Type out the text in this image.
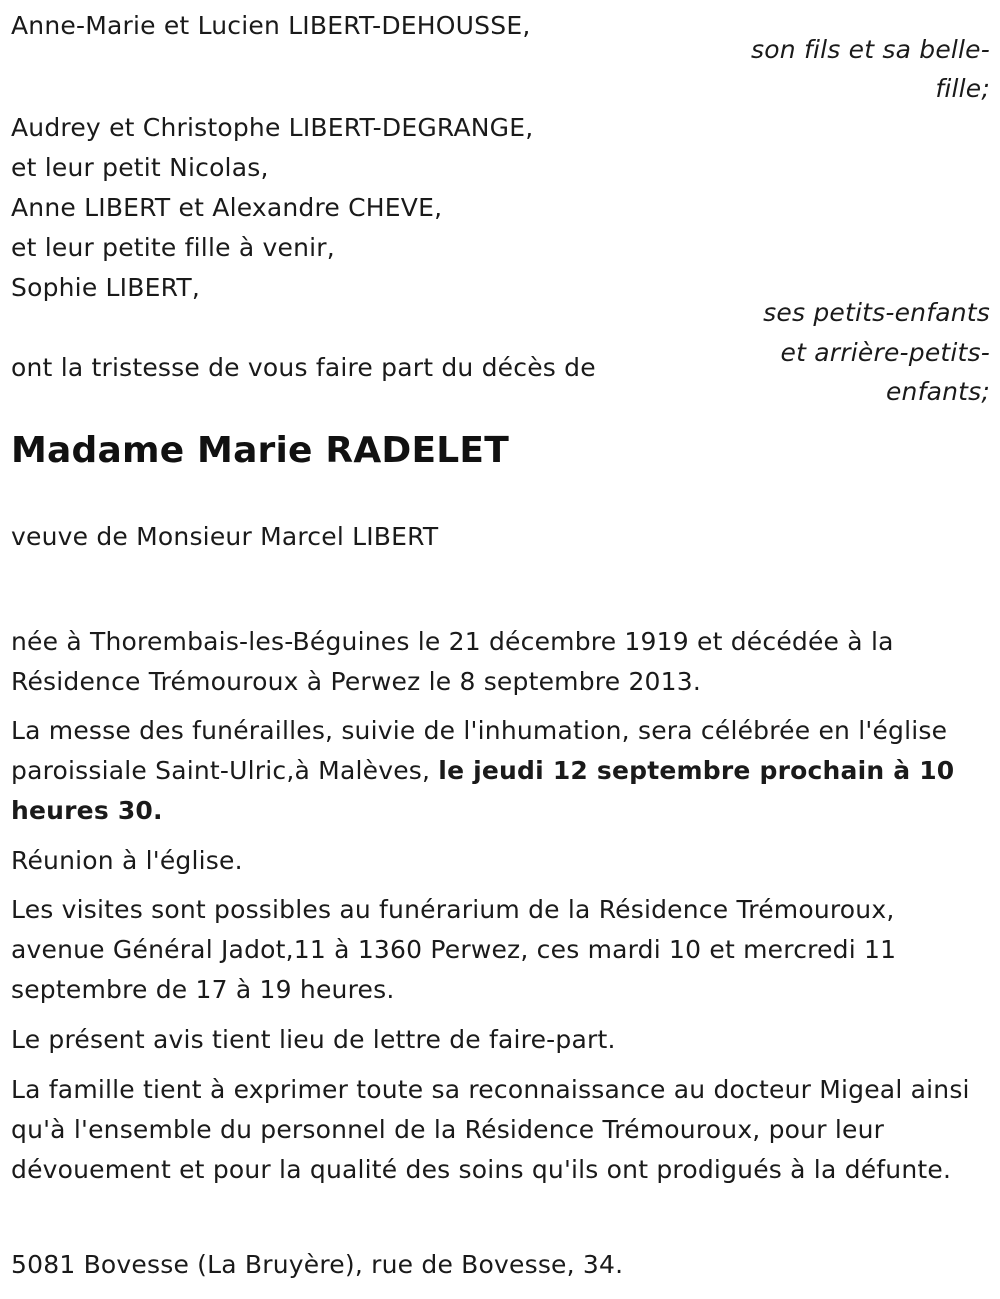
Anne-Marie et Lucien LIBERT-DEHOUSSE,
son fils et sa belle-
fille;
Audrey et Christophe LIBERT-DEGRANGE,
et leur petit Nicolas,
Anne LIBERT et Alexandre CHEVE,
et leur petite fille à venir,
Sophie LIBERT,
ses petits-enfants
et arrière-petits-
enfants;
ont la tristesse de vous faire part du décès de
Madame Marie RADELET
veuve de Monsieur Marcel LIBERT

née à Thorembais-les-Béguines le 21 décembre 1919 et décédée à la Résidence Trémouroux à Perwez le 8 septembre 2013.

La messe des funérailles, suivie de l'inhumation, sera célébrée en l'église paroissiale Saint-Ulric,à Malèves, le jeudi 12 septembre prochain à 10 heures 30.

Réunion à l'église.

Les visites sont possibles au funérarium de la Résidence Trémouroux, avenue Général Jadot,11 à 1360 Perwez, ces mardi 10 et mercredi 11 septembre de 17 à 19 heures.

Le présent avis tient lieu de lettre de faire-part.

La famille tient à exprimer toute sa reconnaissance au docteur Migeal ainsi qu'à l'ensemble du personnel de la Résidence Trémouroux, pour leur dévouement et pour la qualité des soins qu'ils ont prodigués à la défunte.

5081 Bovesse (La Bruyère), rue de Bovesse, 34.
